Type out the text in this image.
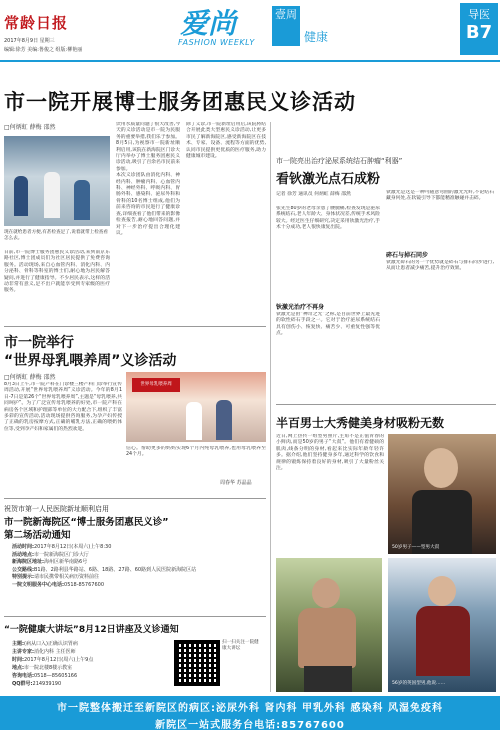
常龄日报
2017年8月9日 星期三
编辑:徐芳 美编:鲁俊之 组版:柳艳丽
爱尚
FASHION WEEKLY
壹周
健康
导医
B7
市一院开展博士服务团惠民义诊活动
□何炳虹 薛梅 邵然
现在就给患者方便,有甚检查足了,说着就带上检查看怎么去。
日前,市一院博士服务团惠民义诊活动,来到南京东路社区,博士团成员们为社区居民提供了免费咨询服务。活动现场,来自心血管内科、消化内科、内分泌科、骨科等科室的博士们,耐心地为居民解答疑问,并进行了健康指导。不少居民表示,这样的活动非常有意义,足不出户就能享受到专家级的医疗服务。
饮用水质量问题了很大改善,今天的义诊活动是市一院为民服务的重要举措,我们乐于参加。
8月5日,为视察市一院新址顺利启用,该院在新海院区门诊大厅内举办了博士服务团惠民义诊活动,吸引了百余名市民前来参加。
本次义诊团队由消化内科、神经内科、肿瘤内科、心血管内科、神经外科、呼吸内科、胃肠外科、感染科、泌尿外科和骨科的10名博士组成,他们为前来咨询的市民进行了健康诊查,详细查看了他们带来的影像检查报告,耐心地回答问题,并对下一步治疗提出合理化建议。
除了义诊,市一院新址启用后,该院将结合开展此类大型惠民义诊活动,让更多市民了解新海院区,感受新海院区在技术、专家、设备、流程等方面的优势,认同市民提供更优质的医疗服务,助力健康城市建设。
市一院举行
“世界母乳喂养周”义诊活动
□何炳虹 薛梅 邵然
8月3日上午,市一院产科在门诊楼三楼产科门诊举行宣传周活动,开展“世界母乳喂养周”义诊活动。今年的8月1日-7日是第26个“世界母乳喂养周”,主题是“母乳喂养,共同呵护”。为了广泛宣传母乳喂养的好处,市一院产科在病房各个区域和护理部等单位的大力配合下,组织了丰富多彩的宣传活动,活动现场提供咨询服务,为孕产妇传授了正确的乳房按摩方式,正确的哺乳方法,正确的喂奶体位等,受到孕产妇和家属们的热烈欢迎。
世界母乳喂养周
信心。帮助更多的妈妈实现6个月内纯母乳喂养,也用母乳喂养至24个月。
周春华 苏晶晶
祝贺市第一人民医院新址顺利启用
市一院新海院区“博士服务团惠民义诊”
第二场活动通知
活动时间:2017年8月12日(本周六)上午8:30
活动地点:市一院新海院区门诊大厅
新海院区地址:海州区新华南路6号
公交路线:B1路、2路利县华路站、6路、18路、27路、60路到人民医院新海院区站
特别提示:请市民携带相关病历资料前往
一院文明服务中心电话:0518-85767600
“一院健康大讲坛”8月12日讲座及义诊通知
主题:(病从口入)正确认识胃病
主讲专家:消化内科 主任医师
时间:2017年8月12日(周六)上午9点
地点:市一院北楼8楼示教室
咨询电话:0518—85605166
QQ群号:214939190
扫一扫关注一院健康大讲坛
市一院亮出治疗泌尿系统结石肿瘤“利器”
看钬激光点石成粉
记者 徐芳 通讯员 何炳虹 薛梅 邵然
张先生80岁的老母亲患了腰腿痛,检查发现是泌尿系统结石,老人年龄大、身体状况差,传统手术风险较大。经过医生仔细研究,决定采用钬激光治疗,手术十分成功,老人很快康复出院。
钬激光治疗不再身
钬激光是由“神奇之光”之称,是目前世界上最先进的软性碎石手段之一。它对于治疗泌尿系统结石具有创伤小、恢复快、痛苦少、可重复性强等优点。
钬激光是这是一种可随意弯曲的激光光纤,不论结石藏身何处,在软镜引导下都能精准触碰并击碎。
碎石与掉石同步
钬激光碎石的另一个优势就是碎石与排石同步进行,从而让患者减少痛苦,提升治疗效果。
半百男士大秀健美身材吸粉无数
近日,网上热传一组型男照片,主角不是正值青春的小鲜肉,而是50岁的男子“大叔”。他们有着健硕的肌肉,线条分明的身材,看起来比实际年龄年轻许多。据介绍,他们坚持健身多年,通过科学的饮食和规律的锻炼保持着良好的身材,吸引了大量粉丝关注。
50岁男子——型男大叔
56岁的英国型男,他说……
市一院整体搬迁至新院区的病区:泌尿外科 肾内科 甲乳外科 感染科 风湿免疫科
新院区一站式服务台电话:85767600
